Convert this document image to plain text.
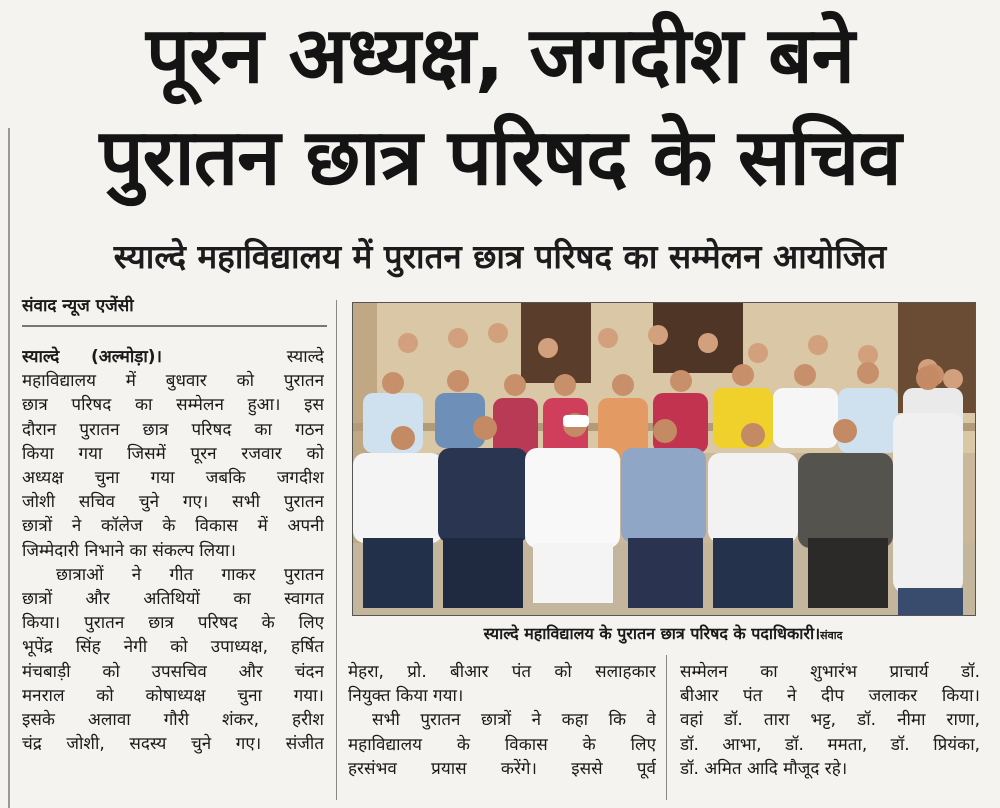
पूरन अध्यक्ष, जगदीश बने
पुरातन छात्र परिषद के सचिव
स्याल्दे महाविद्यालय में पुरातन छात्र परिषद का सम्मेलन आयोजित
संवाद न्यूज एजेंसी
स्याल्दे (अल्मोड़ा)।	स्याल्दे
महाविद्यालय में बुधवार को पुरातन
छात्र परिषद का सम्मेलन हुआ। इस
दौरान पुरातन छात्र परिषद का गठन
किया गया जिसमें पूरन रजवार को
अध्यक्ष चुना गया जबकि जगदीश
जोशी सचिव चुने गए। सभी पुरातन
छात्रों ने कॉलेज के विकास में अपनी
जिम्मेदारी निभाने का संकल्प लिया।
छात्राओं ने गीत गाकर पुरातन
छात्रों और अतिथियों का स्वागत
किया। पुरातन छात्र परिषद के लिए
भूपेंद्र सिंह नेगी को उपाध्यक्ष, हर्षित
मंचबाड़ी को उपसचिव और चंदन
मनराल को कोषाध्यक्ष चुना गया।
इसके अलावा गौरी शंकर, हरीश
चंद्र जोशी, सदस्य चुने गए। संजीत
स्याल्दे महाविद्यालय के पुरातन छात्र परिषद के पदाधिकारी।संवाद
मेहरा, प्रो. बीआर पंत को सलाहकार
नियुक्त किया गया।
सभी पुरातन छात्रों ने कहा कि वे
महाविद्यालय के विकास के लिए
हरसंभव प्रयास करेंगे। इससे पूर्व
सम्मेलन का शुभारंभ प्राचार्य डॉ.
बीआर पंत ने दीप जलाकर किया।
वहां डॉ. तारा भट्ट, डॉ. नीमा राणा,
डॉ. आभा, डॉ. ममता, डॉ. प्रियंका,
डॉ. अमित आदि मौजूद रहे।
